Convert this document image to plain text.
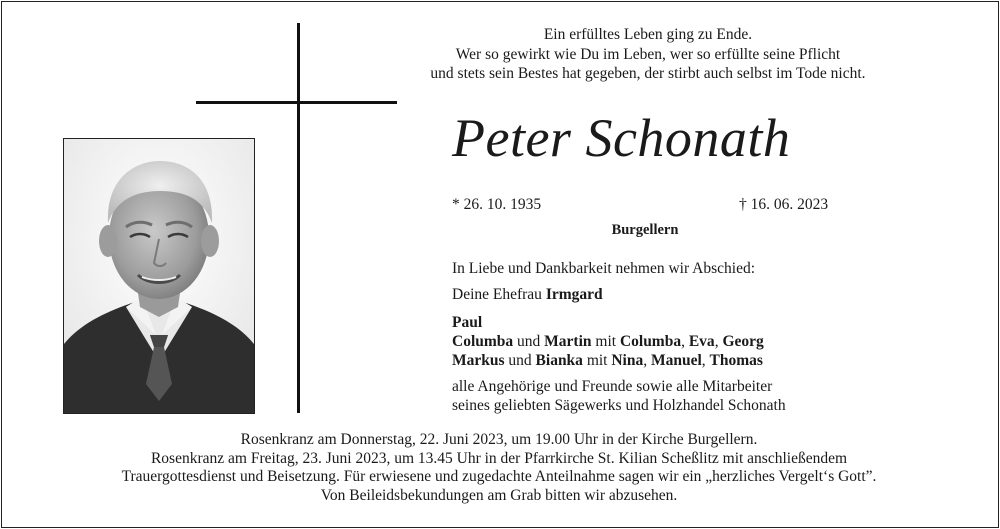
Ein erfülltes Leben ging zu Ende.
Wer so gewirkt wie Du im Leben, wer so erfüllte seine Pflicht
und stets sein Bestes hat gegeben, der stirbt auch selbst im Tode nicht.
Peter Schonath
* 26. 10. 1935	† 16. 06. 2023
Burgellern
In Liebe und Dankbarkeit nehmen wir Abschied:
Deine Ehefrau Irmgard
Paul
Columba und Martin mit Columba, Eva, Georg
Markus und Bianka mit Nina, Manuel, Thomas
alle Angehörige und Freunde sowie alle Mitarbeiter
seines geliebten Sägewerks und Holzhandel Schonath
Rosenkranz am Donnerstag, 22. Juni 2023, um 19.00 Uhr in der Kirche Burgellern.
Rosenkranz am Freitag, 23. Juni 2023, um 13.45 Uhr in der Pfarrkirche St. Kilian Scheßlitz mit anschließendem
Trauergottesdienst und Beisetzung. Für erwiesene und zugedachte Anteilnahme sagen wir ein „herzliches Vergelt‘s Gott”.
Von Beileidsbekundungen am Grab bitten wir abzusehen.
